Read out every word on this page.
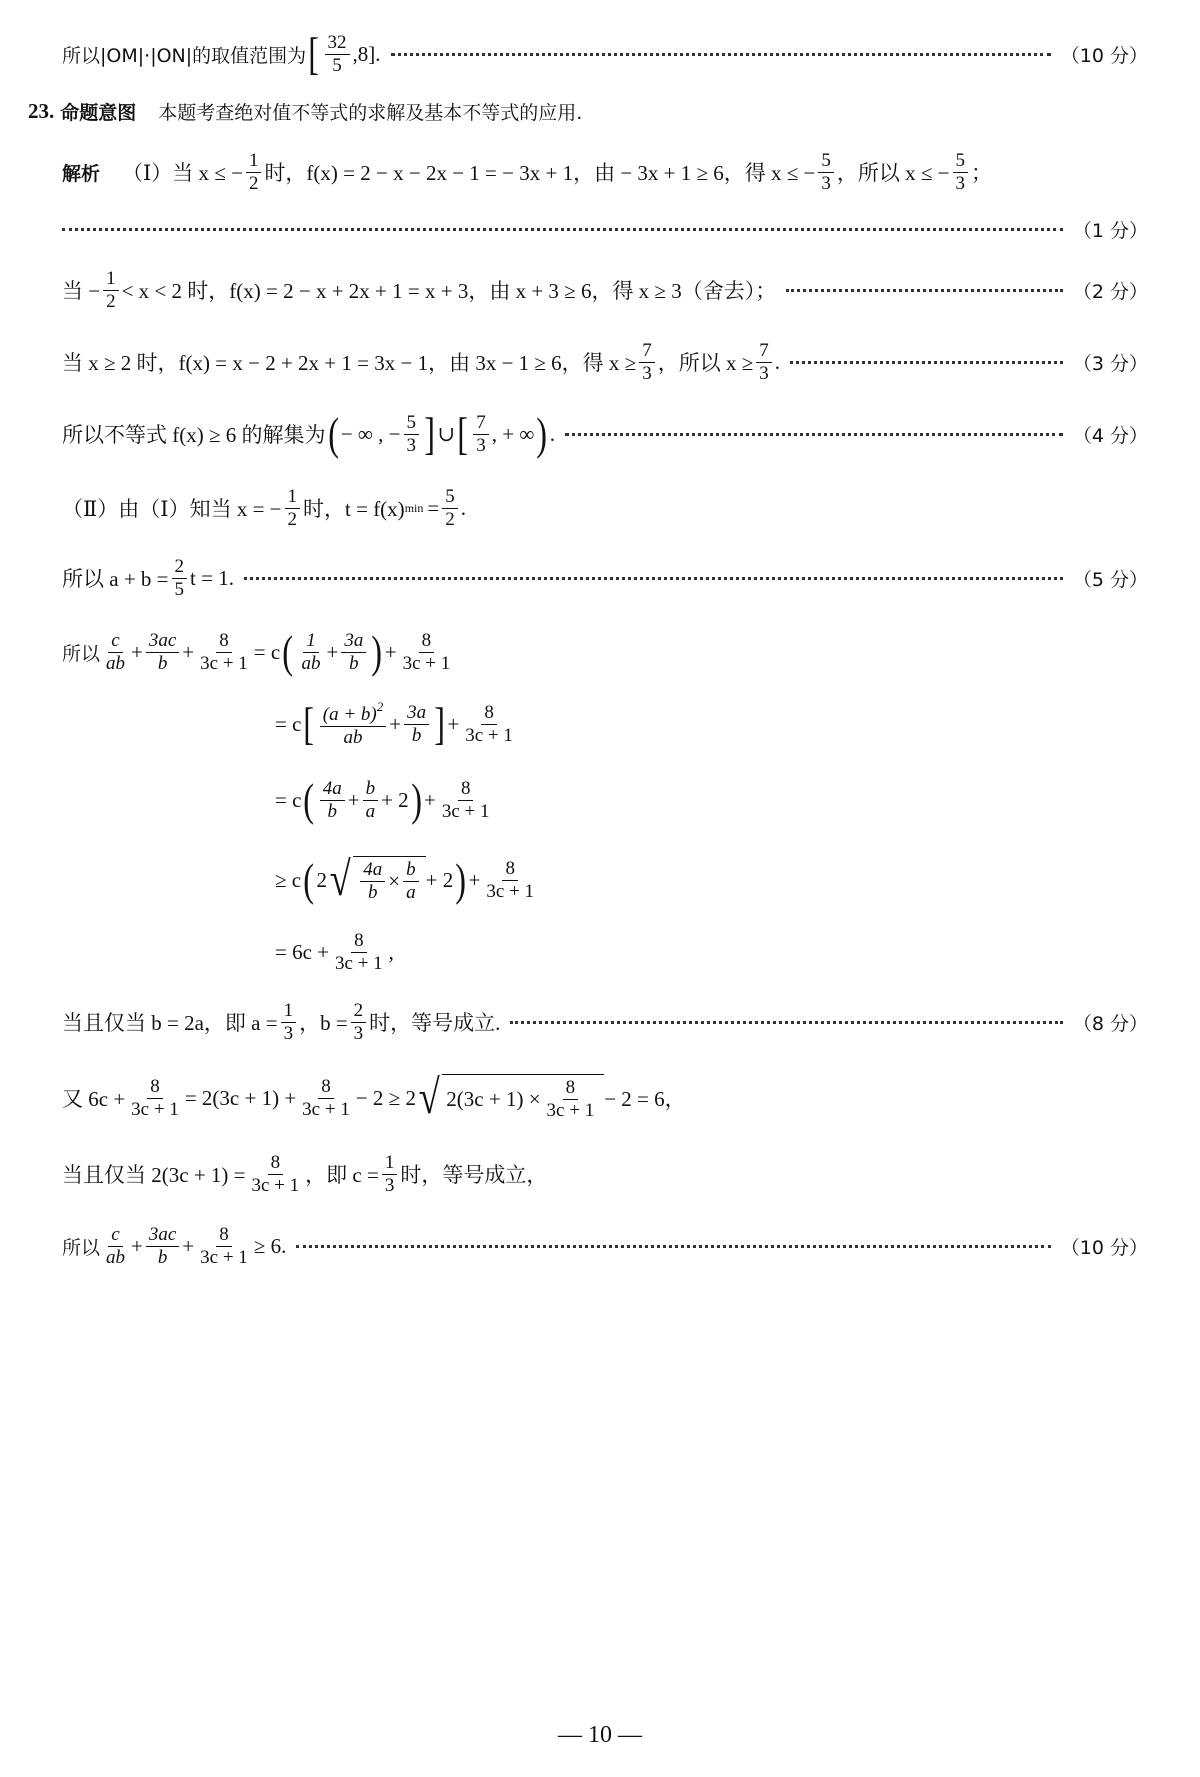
所以|OM|·|ON|的取值范围为 [ $\frac{32}{5} ,8$].	（10 分）
23. 命题意图 本题考查绝对值不等式的求解及基本不等式的应用.
解析 （Ⅰ）当 x ≤ − $\frac{1}{2}$ 时，f(x) = 2 − x − 2x − 1 = − 3x + 1，由 − 3x + 1 ≥ 6，得 x ≤ − $\frac{5}{3}$ ，所以 x ≤ − $\frac{5}{3}$ ；
（1 分）
当 − $\frac{1}{2} < x < 2$ 时，f(x) = 2 − x + 2x + 1 = x + 3，由 x + 3 ≥ 6，得 x ≥ 3（舍去）；	（2 分）
当 x ≥ 2 时，f(x) = x − 2 + 2x + 1 = 3x − 1，由 3x − 1 ≥ 6，得 $x \ge \frac{7}{3}$ ，所以 $x \ge \frac{7}{3}$ .	（3 分）
所以不等式 f(x) ≥ 6 的解集为 ( − ∞ , − $\frac{5}{3}$ ] ∪ [ $\frac{7}{3}$ , + ∞ ) .	（4 分）
（Ⅱ）由（Ⅰ）知当 x = − $\frac{1}{2}$ 时，t = f(x) $\min = \frac{5}{2}$ .
所以 $a + b = \frac{2}{5}$ t = 1.	（5 分）
所以 $\frac{c}{ab} + \frac{3ac}{b} + \frac{8}{3c + 1} = c$ ( $\frac{1}{ab} + \frac{3a}{b}$ ) + $\frac{8}{3c + 1}$
= c [ $\frac{(a + b)^2}{ab} + \frac{3a}{b}$ ] + $\frac{8}{3c + 1}$
= c ( $\frac{4a}{b} + \frac{b}{a} + 2$ ) + $\frac{8}{3c + 1}$
≥ c ( 2 √ $\frac{4a}{b} \times \frac{b}{a} + 2$ ) + $\frac{8}{3c + 1}$
= $6c + \frac{8}{3c + 1}$ ,
当且仅当 b = 2a，即 $a = \frac{1}{3}$ ，$b = \frac{2}{3}$ 时，等号成立.	（8 分）
又 $6c + \frac{8}{3c + 1} = 2(3c + 1) + \frac{8}{3c + 1} - 2 \ge 2$ √ $2(3c + 1) \times \frac{8}{3c + 1} - 2 = 6$，
当且仅当 $2(3c + 1) = \frac{8}{3c + 1}$ ，即 $c = \frac{1}{3}$ 时，等号成立，
所以 $\frac{c}{ab} + \frac{3ac}{b} + \frac{8}{3c + 1} \ge 6$.	（10 分）
— 10 —
